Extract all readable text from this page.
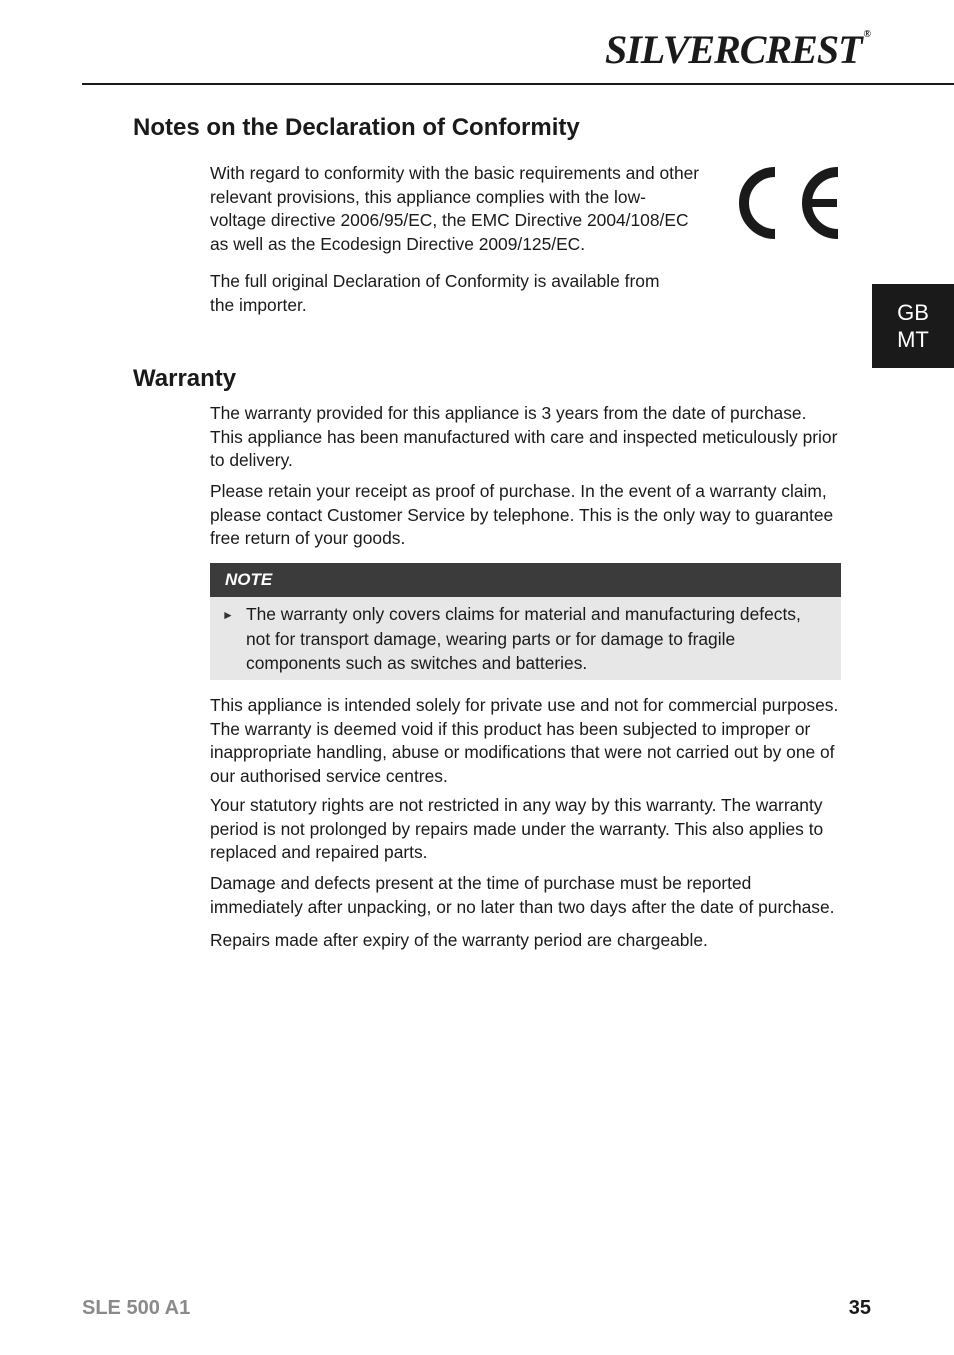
SILVERCREST ®
GB
MT
Notes on the Declaration of Conformity

With regard to conformity with the basic requirements and other relevant provisions, this appliance complies with the low-voltage directive 2006/95/EC, the EMC Directive 2004/108/EC as well as the Ecodesign Directive 2009/125/EC.

The full original Declaration of Conformity is available from the importer.

Warranty

The warranty provided for this appliance is 3 years from the date of purchase. This appliance has been manufactured with care and inspected meticulously prior to delivery.

Please retain your receipt as proof of purchase. In the event of a warranty claim, please contact Customer Service by telephone. This is the only way to guarantee free return of your goods.

NOTE
► The warranty only covers claims for material and manufacturing defects, not for transport damage, wearing parts or for damage to fragile components such as switches and batteries.

This appliance is intended solely for private use and not for commercial purposes. The warranty is deemed void if this product has been subjected to improper or inappropriate handling, abuse or modifications that were not carried out by one of our authorised service centres.

Your statutory rights are not restricted in any way by this warranty. The warranty period is not prolonged by repairs made under the warranty. This also applies to replaced and repaired parts.

Damage and defects present at the time of purchase must be reported immediately after unpacking, or no later than two days after the date of purchase.

Repairs made after expiry of the warranty period are chargeable.

SLE 500 A1	35
